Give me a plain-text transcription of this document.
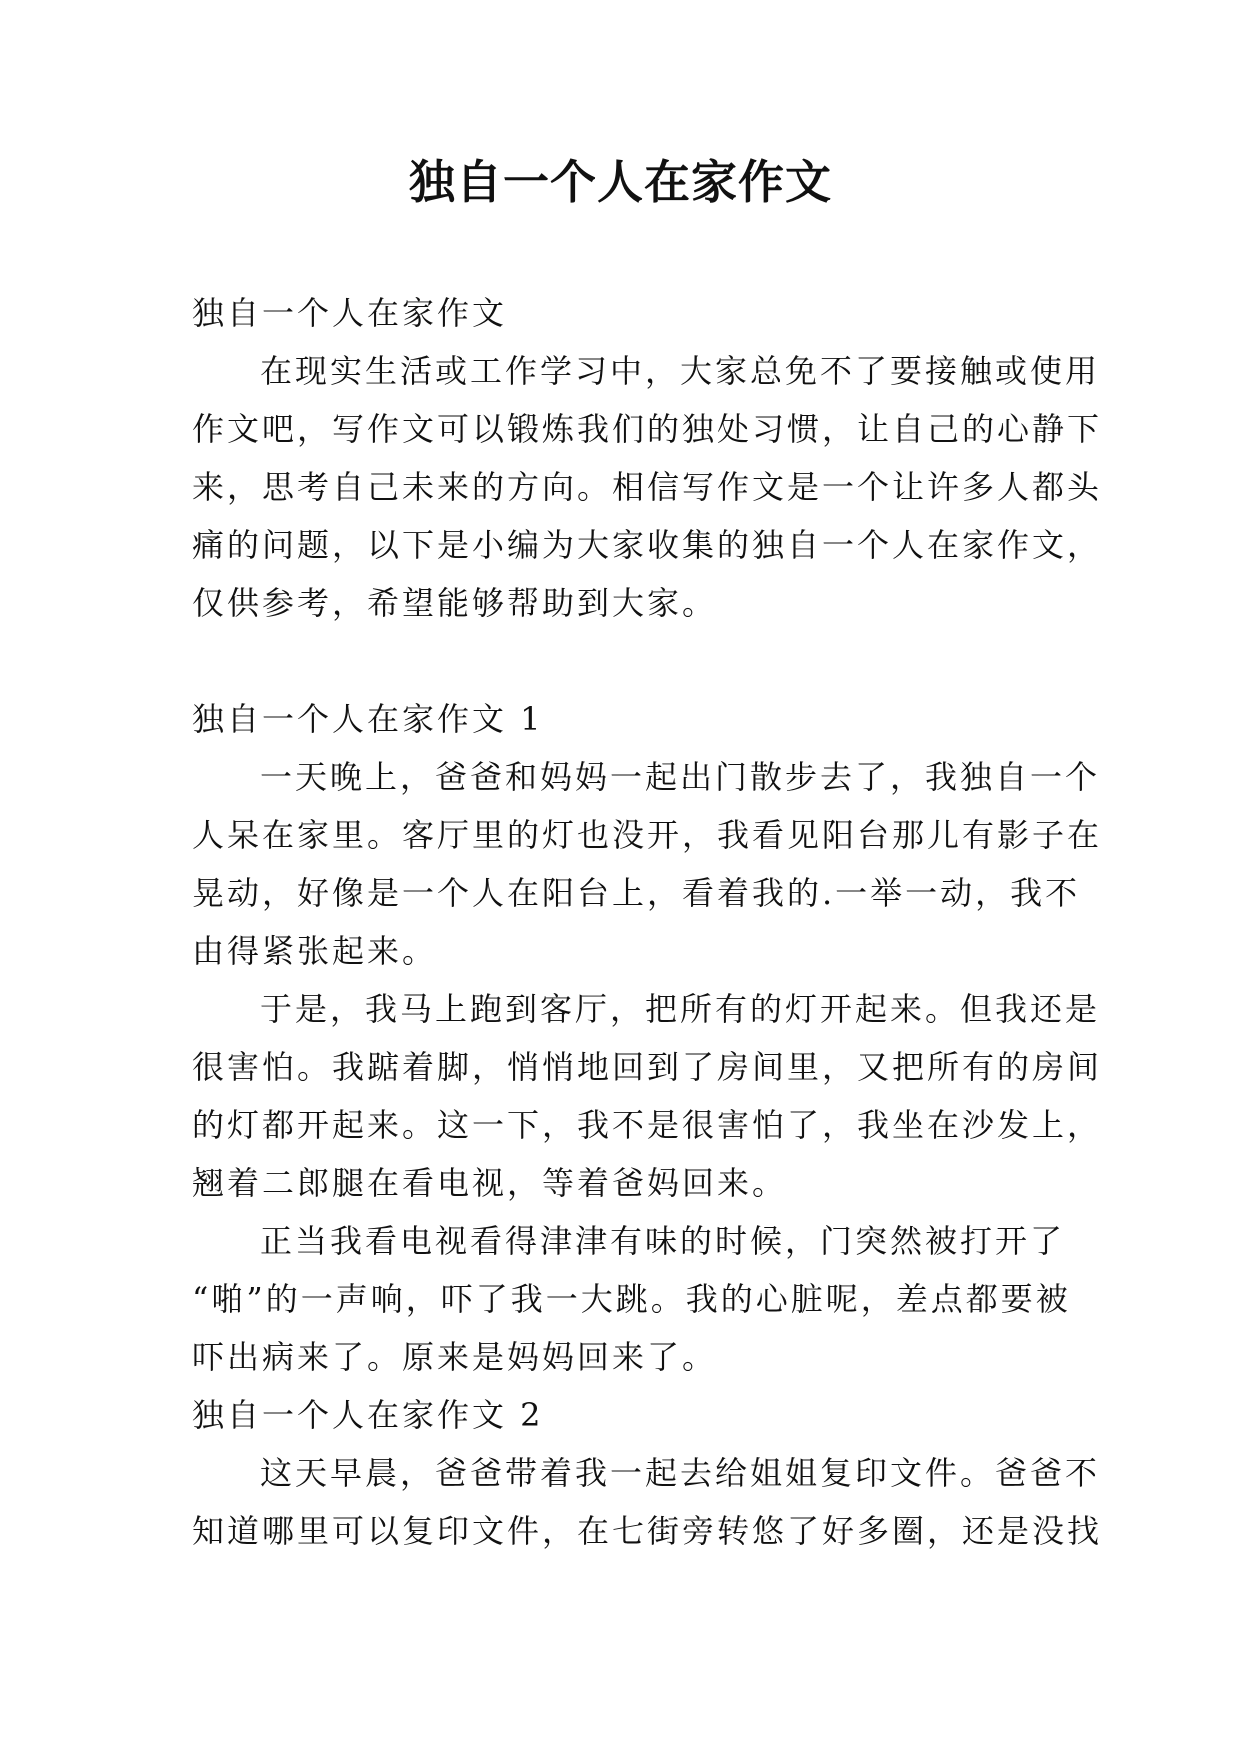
独自一个人在家作文
独自一个人在家作文
在现实生活或工作学习中，大家总免不了要接触或使用
作文吧，写作文可以锻炼我们的独处习惯，让自己的心静下
来，思考自己未来的方向。相信写作文是一个让许多人都头
痛的问题，以下是小编为大家收集的独自一个人在家作文，
仅供参考，希望能够帮助到大家。
独自一个人在家作文 1
一天晚上，爸爸和妈妈一起出门散步去了，我独自一个
人呆在家里。客厅里的灯也没开，我看见阳台那儿有影子在
晃动，好像是一个人在阳台上，看着我的.一举一动，我不
由得紧张起来。
于是，我马上跑到客厅，把所有的灯开起来。但我还是
很害怕。我踮着脚，悄悄地回到了房间里，又把所有的房间
的灯都开起来。这一下，我不是很害怕了，我坐在沙发上，
翘着二郎腿在看电视，等着爸妈回来。
正当我看电视看得津津有味的时候，门突然被打开了
“啪”的一声响，吓了我一大跳。我的心脏呢，差点都要被
吓出病来了。原来是妈妈回来了。
独自一个人在家作文 2
这天早晨，爸爸带着我一起去给姐姐复印文件。爸爸不
知道哪里可以复印文件，在七街旁转悠了好多圈，还是没找
